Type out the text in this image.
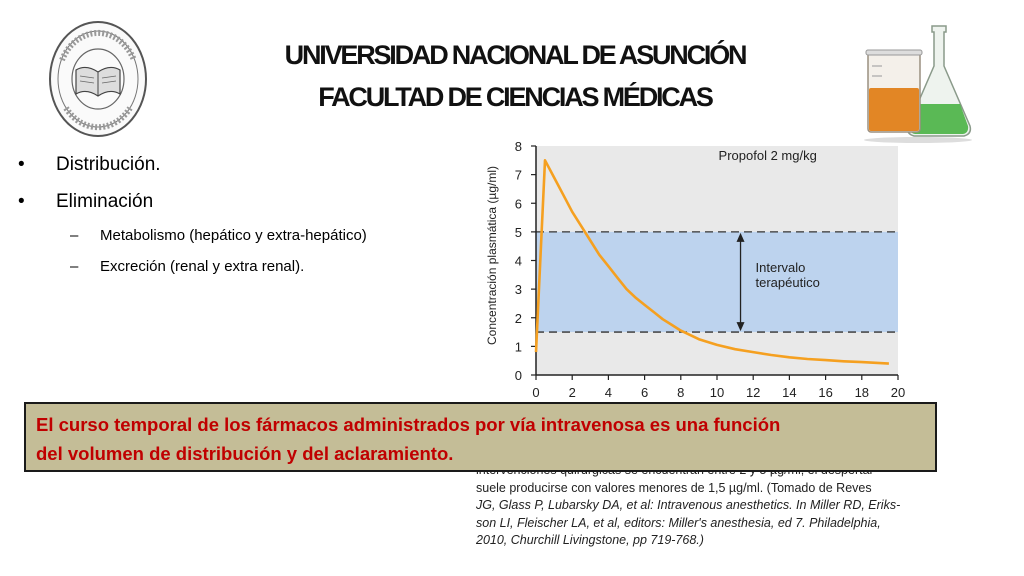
UNIVERSIDAD NACIONAL DE ASUNCIÓN
FACULTAD DE CIENCIAS MÉDICAS
• Distribución.
• Eliminación
– Metabolismo (hepático y extra-hepático)
– Excreción (renal y extra renal).
0
1
2
3
4
5
6
7
8
0 2 4 6 8 10 12 14 16 18 20
Concentración plasmática (µg/ml)
Propofol 2 mg/kg
Intervalo
terapéutico
suele producirse con valores menores de 1,5 µg/ml. (Tomado de Reves
JG, Glass P, Lubarsky DA, et al: Intravenous anesthetics. In Miller RD, Eriks-
son LI, Fleischer LA, et al, editors: Miller's anesthesia, ed 7. Philadelphia,
2010, Churchill Livingstone, pp 719-768.)
El curso temporal de los fármacos administrados por vía intravenosa es una función
del volumen de distribución y del aclaramiento.
